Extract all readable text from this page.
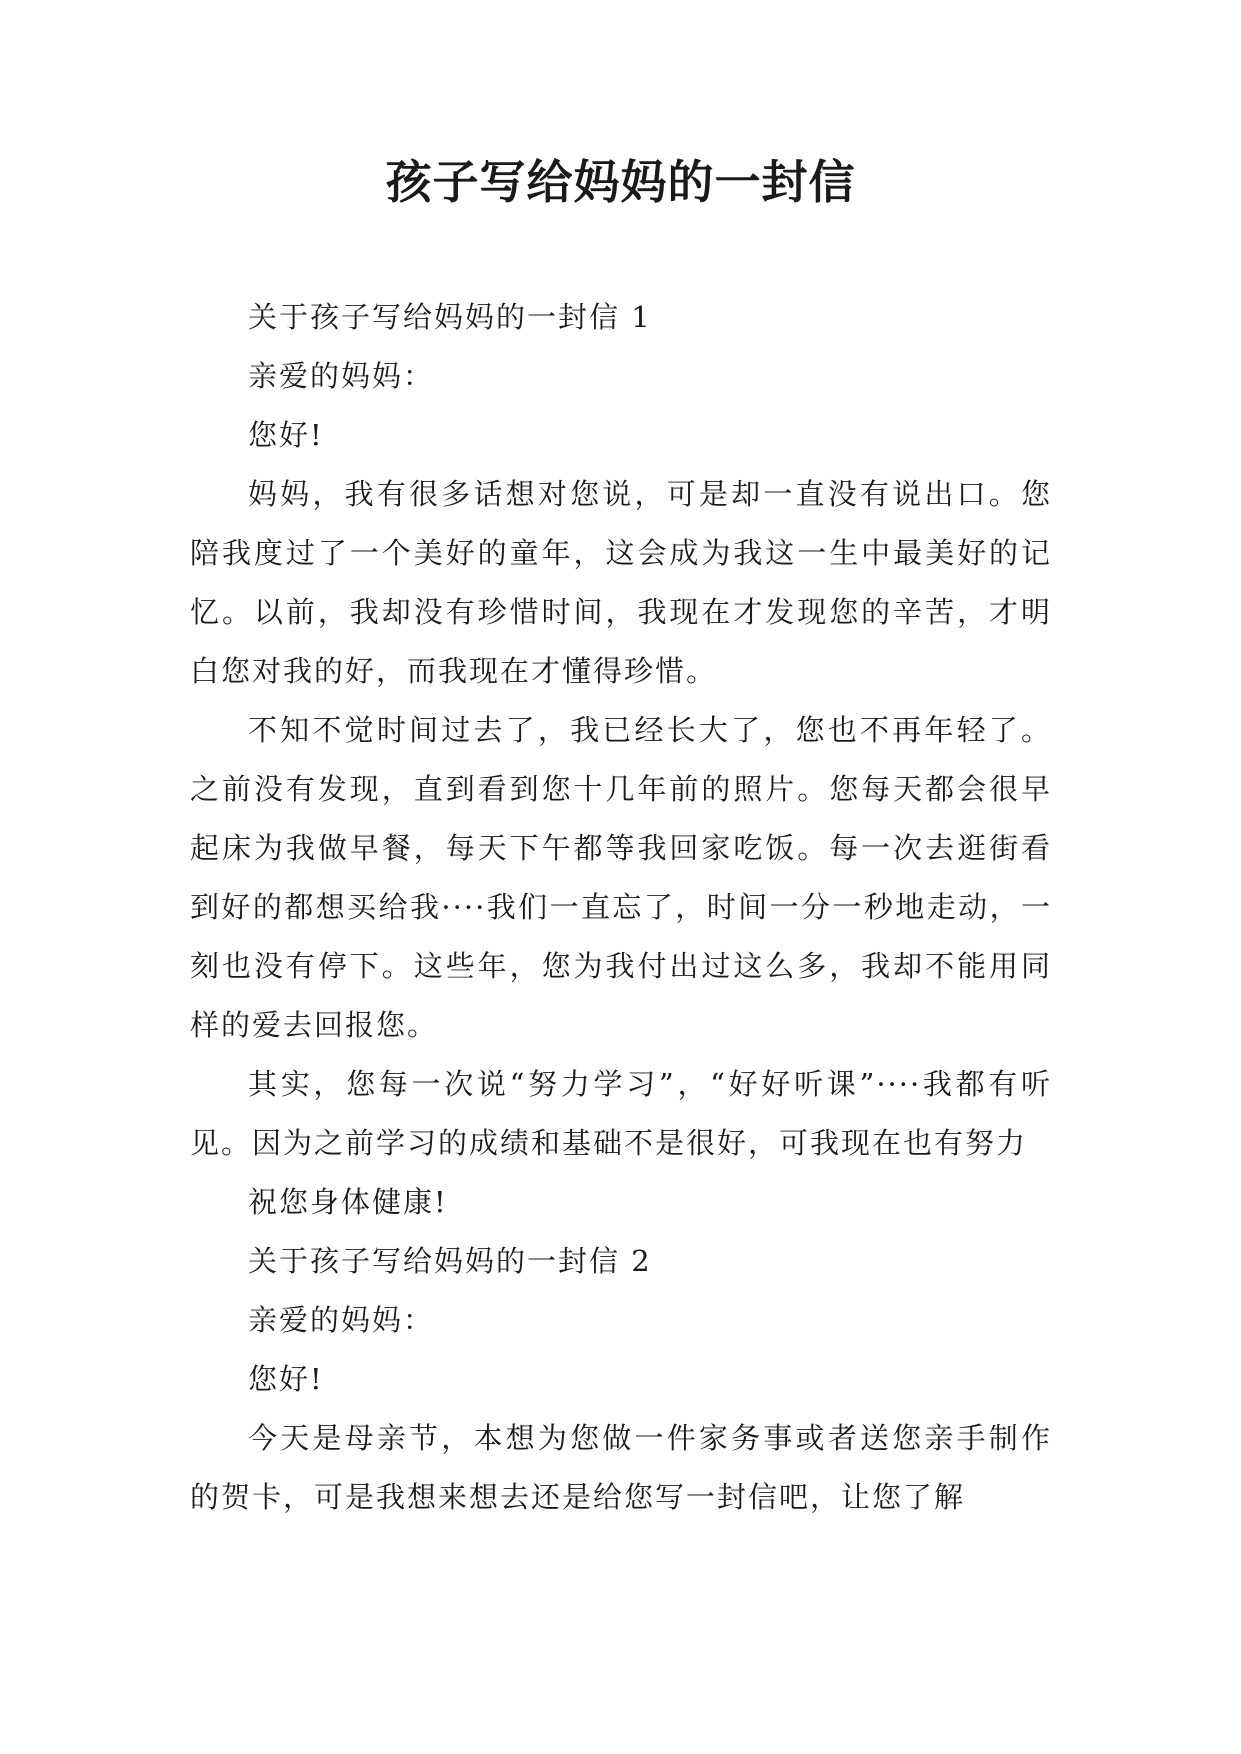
孩子写给妈妈的一封信

关于孩子写给妈妈的一封信 1

亲爱的妈妈：

您好!

妈妈，我有很多话想对您说，可是却一直没有说出口。您陪我度过了一个美好的童年，这会成为我这一生中最美好的记忆。以前，我却没有珍惜时间，我现在才发现您的辛苦，才明白您对我的好，而我现在才懂得珍惜。

不知不觉时间过去了，我已经长大了，您也不再年轻了。之前没有发现，直到看到您十几年前的照片。您每天都会很早起床为我做早餐，每天下午都等我回家吃饭。每一次去逛街看到好的都想买给我····我们一直忘了，时间一分一秒地走动，一刻也没有停下。这些年，您为我付出过这么多，我却不能用同样的爱去回报您。

其实，您每一次说“努力学习”，“好好听课”····我都有听见。因为之前学习的成绩和基础不是很好，可我现在也有努力

祝您身体健康!

关于孩子写给妈妈的一封信 2

亲爱的妈妈：

您好!

今天是母亲节，本想为您做一件家务事或者送您亲手制作的贺卡，可是我想来想去还是给您写一封信吧，让您了解
